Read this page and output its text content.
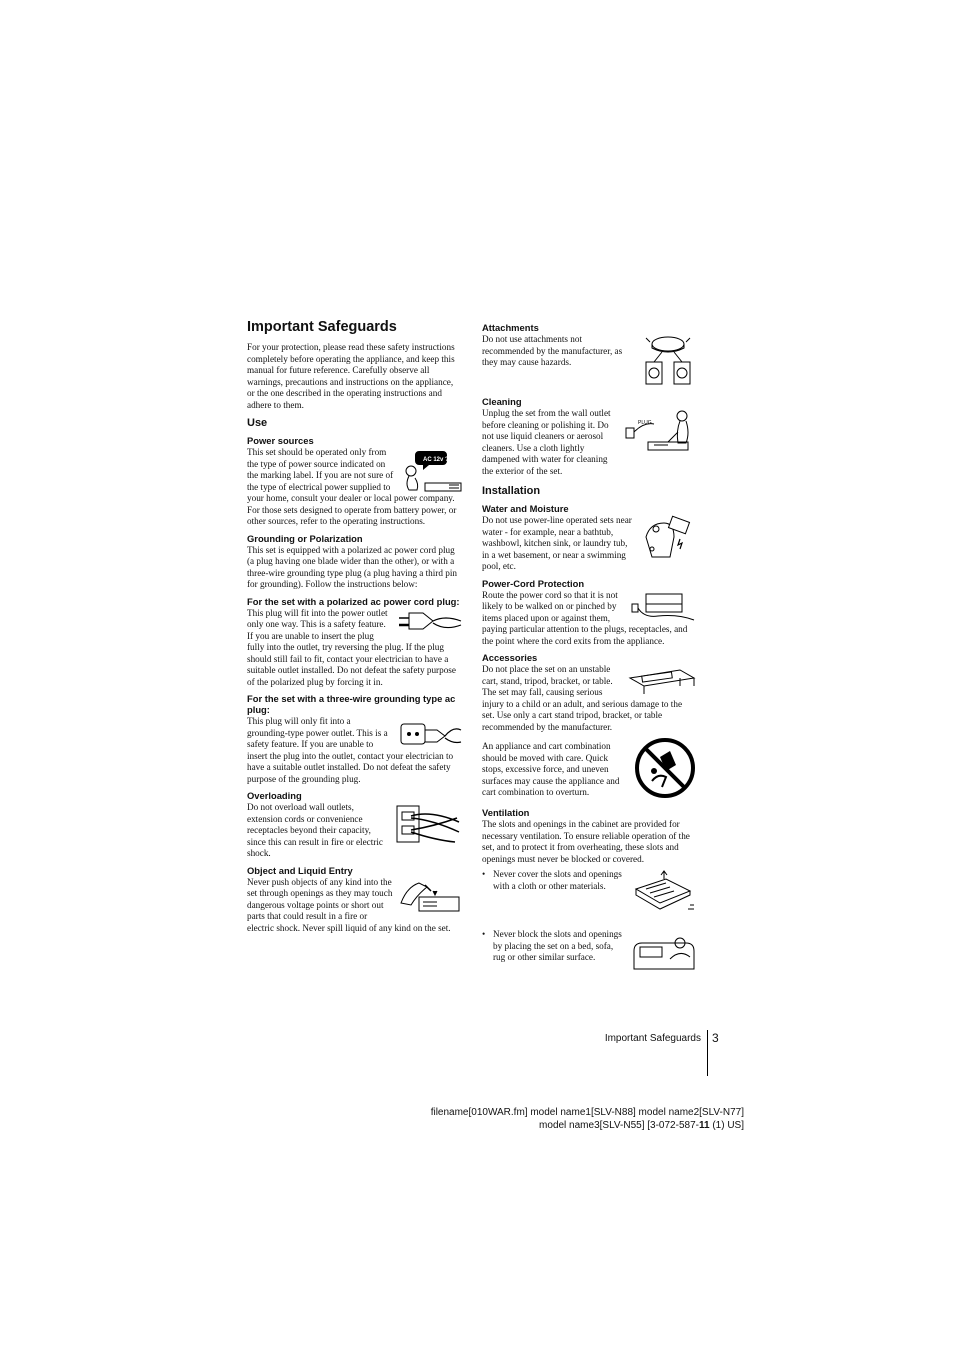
Important Safeguards

For your protection, please read these safety instructions completely before operating the appliance, and keep this manual for future reference. Carefully observe all warnings, precautions and instructions on the appliance, or the one described in the operating instructions and adhere to them.

Use
Power sources
AC 12v ?

This set should be operated only from the type of power source indicated on the marking label. If you are not sure of the type of electrical power supplied to your home, consult your dealer or local power company. For those sets designed to operate from battery power, or other sources, refer to the operating instructions.

Grounding or Polarization

This set is equipped with a polarized ac power cord plug (a plug having one blade wider than the other), or with a three-wire grounding type plug (a plug having a third pin for grounding). Follow the instructions below:

For the set with a polarized ac power cord plug:

This plug will fit into the power outlet only one way. This is a safety feature. If you are unable to insert the plug fully into the outlet, try reversing the plug. If the plug should still fail to fit, contact your electrician to have a suitable outlet installed. Do not defeat the safety purpose of the polarized plug by forcing it in.

For the set with a three-wire grounding type ac plug:

This plug will only fit into a grounding-type power outlet. This is a safety feature. If you are unable to insert the plug into the outlet, contact your electrician to have a suitable outlet installed. Do not defeat the safety purpose of the grounding plug.

Overloading

Do not overload wall outlets, extension cords or convenience receptacles beyond their capacity, since this can result in fire or electric shock.

Object and Liquid Entry

Never push objects of any kind into the set through openings as they may touch dangerous voltage points or short out parts that could result in a fire or electric shock. Never spill liquid of any kind on the set.

Attachments

Do not use attachments not recommended by the manufacturer, as they may cause hazards.

Cleaning
PLUG

Unplug the set from the wall outlet before cleaning or polishing it. Do not use liquid cleaners or aerosol cleaners. Use a cloth lightly dampened with water for cleaning the exterior of the set.

Installation
Water and Moisture

Do not use power-line operated sets near water - for example, near a bathtub, washbowl, kitchen sink, or laundry tub, in a wet basement, or near a swimming pool, etc.

Power-Cord Protection

Route the power cord so that it is not likely to be walked on or pinched by items placed upon or against them, paying particular attention to the plugs, receptacles, and the point where the cord exits from the appliance.

Accessories

Do not place the set on an unstable cart, stand, tripod, bracket, or table. The set may fall, causing serious injury to a child or an adult, and serious damage to the set. Use only a cart stand tripod, bracket, or table recommended by the manufacturer.

An appliance and cart combination should be moved with care. Quick stops, excessive force, and uneven surfaces may cause the appliance and cart combination to overturn.

Ventilation

The slots and openings in the cabinet are provided for necessary ventilation. To ensure reliable operation of the set, and to protect it from overheating, these slots and openings must never be blocked or covered.

• Never cover the slots and openings with a cloth or other materials.
• Never block the slots and openings by placing the set on a bed, sofa, rug or other similar surface.
Important Safeguards 3
filename[010WAR.fm] model name1[SLV-N88] model name2[SLV-N77]
model name3[SLV-N55] [3-072-587-11 (1) US]
